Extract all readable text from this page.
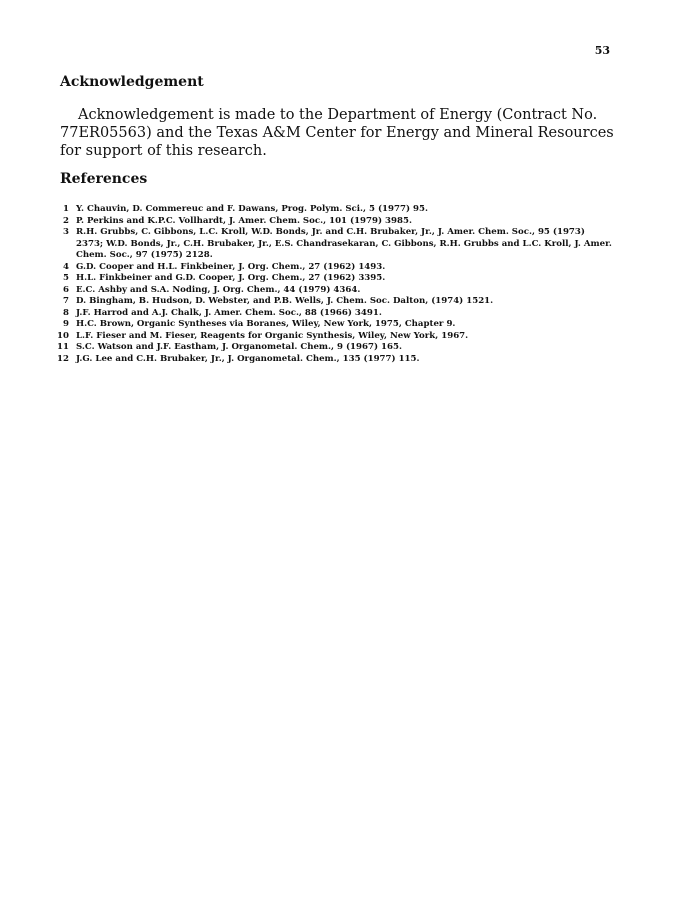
53
Acknowledgement

Acknowledgement is made to the Department of Energy (Contract No. 77ER05563) and the Texas A&M Center for Energy and Mineral Resources for support of this research.

References
1 Y. Chauvin, D. Commereuc and F. Dawans, Prog. Polym. Sci., 5 (1977) 95.
2 P. Perkins and K.P.C. Vollhardt, J. Amer. Chem. Soc., 101 (1979) 3985.
3 R.H. Grubbs, C. Gibbons, L.C. Kroll, W.D. Bonds, Jr. and C.H. Brubaker, Jr., J. Amer. Chem. Soc., 95 (1973) 2373; W.D. Bonds, Jr., C.H. Brubaker, Jr., E.S. Chandrasekaran, C. Gibbons, R.H. Grubbs and L.C. Kroll, J. Amer. Chem. Soc., 97 (1975) 2128.
4 G.D. Cooper and H.L. Finkbeiner, J. Org. Chem., 27 (1962) 1493.
5 H.L. Finkbeiner and G.D. Cooper, J. Org. Chem., 27 (1962) 3395.
6 E.C. Ashby and S.A. Noding, J. Org. Chem., 44 (1979) 4364.
7 D. Bingham, B. Hudson, D. Webster, and P.B. Wells, J. Chem. Soc. Dalton, (1974) 1521.
8 J.F. Harrod and A.J. Chalk, J. Amer. Chem. Soc., 88 (1966) 3491.
9 H.C. Brown, Organic Syntheses via Boranes, Wiley, New York, 1975, Chapter 9.
10 L.F. Fieser and M. Fieser, Reagents for Organic Synthesis, Wiley, New York, 1967.
11 S.C. Watson and J.F. Eastham, J. Organometal. Chem., 9 (1967) 165.
12 J.G. Lee and C.H. Brubaker, Jr., J. Organometal. Chem., 135 (1977) 115.
